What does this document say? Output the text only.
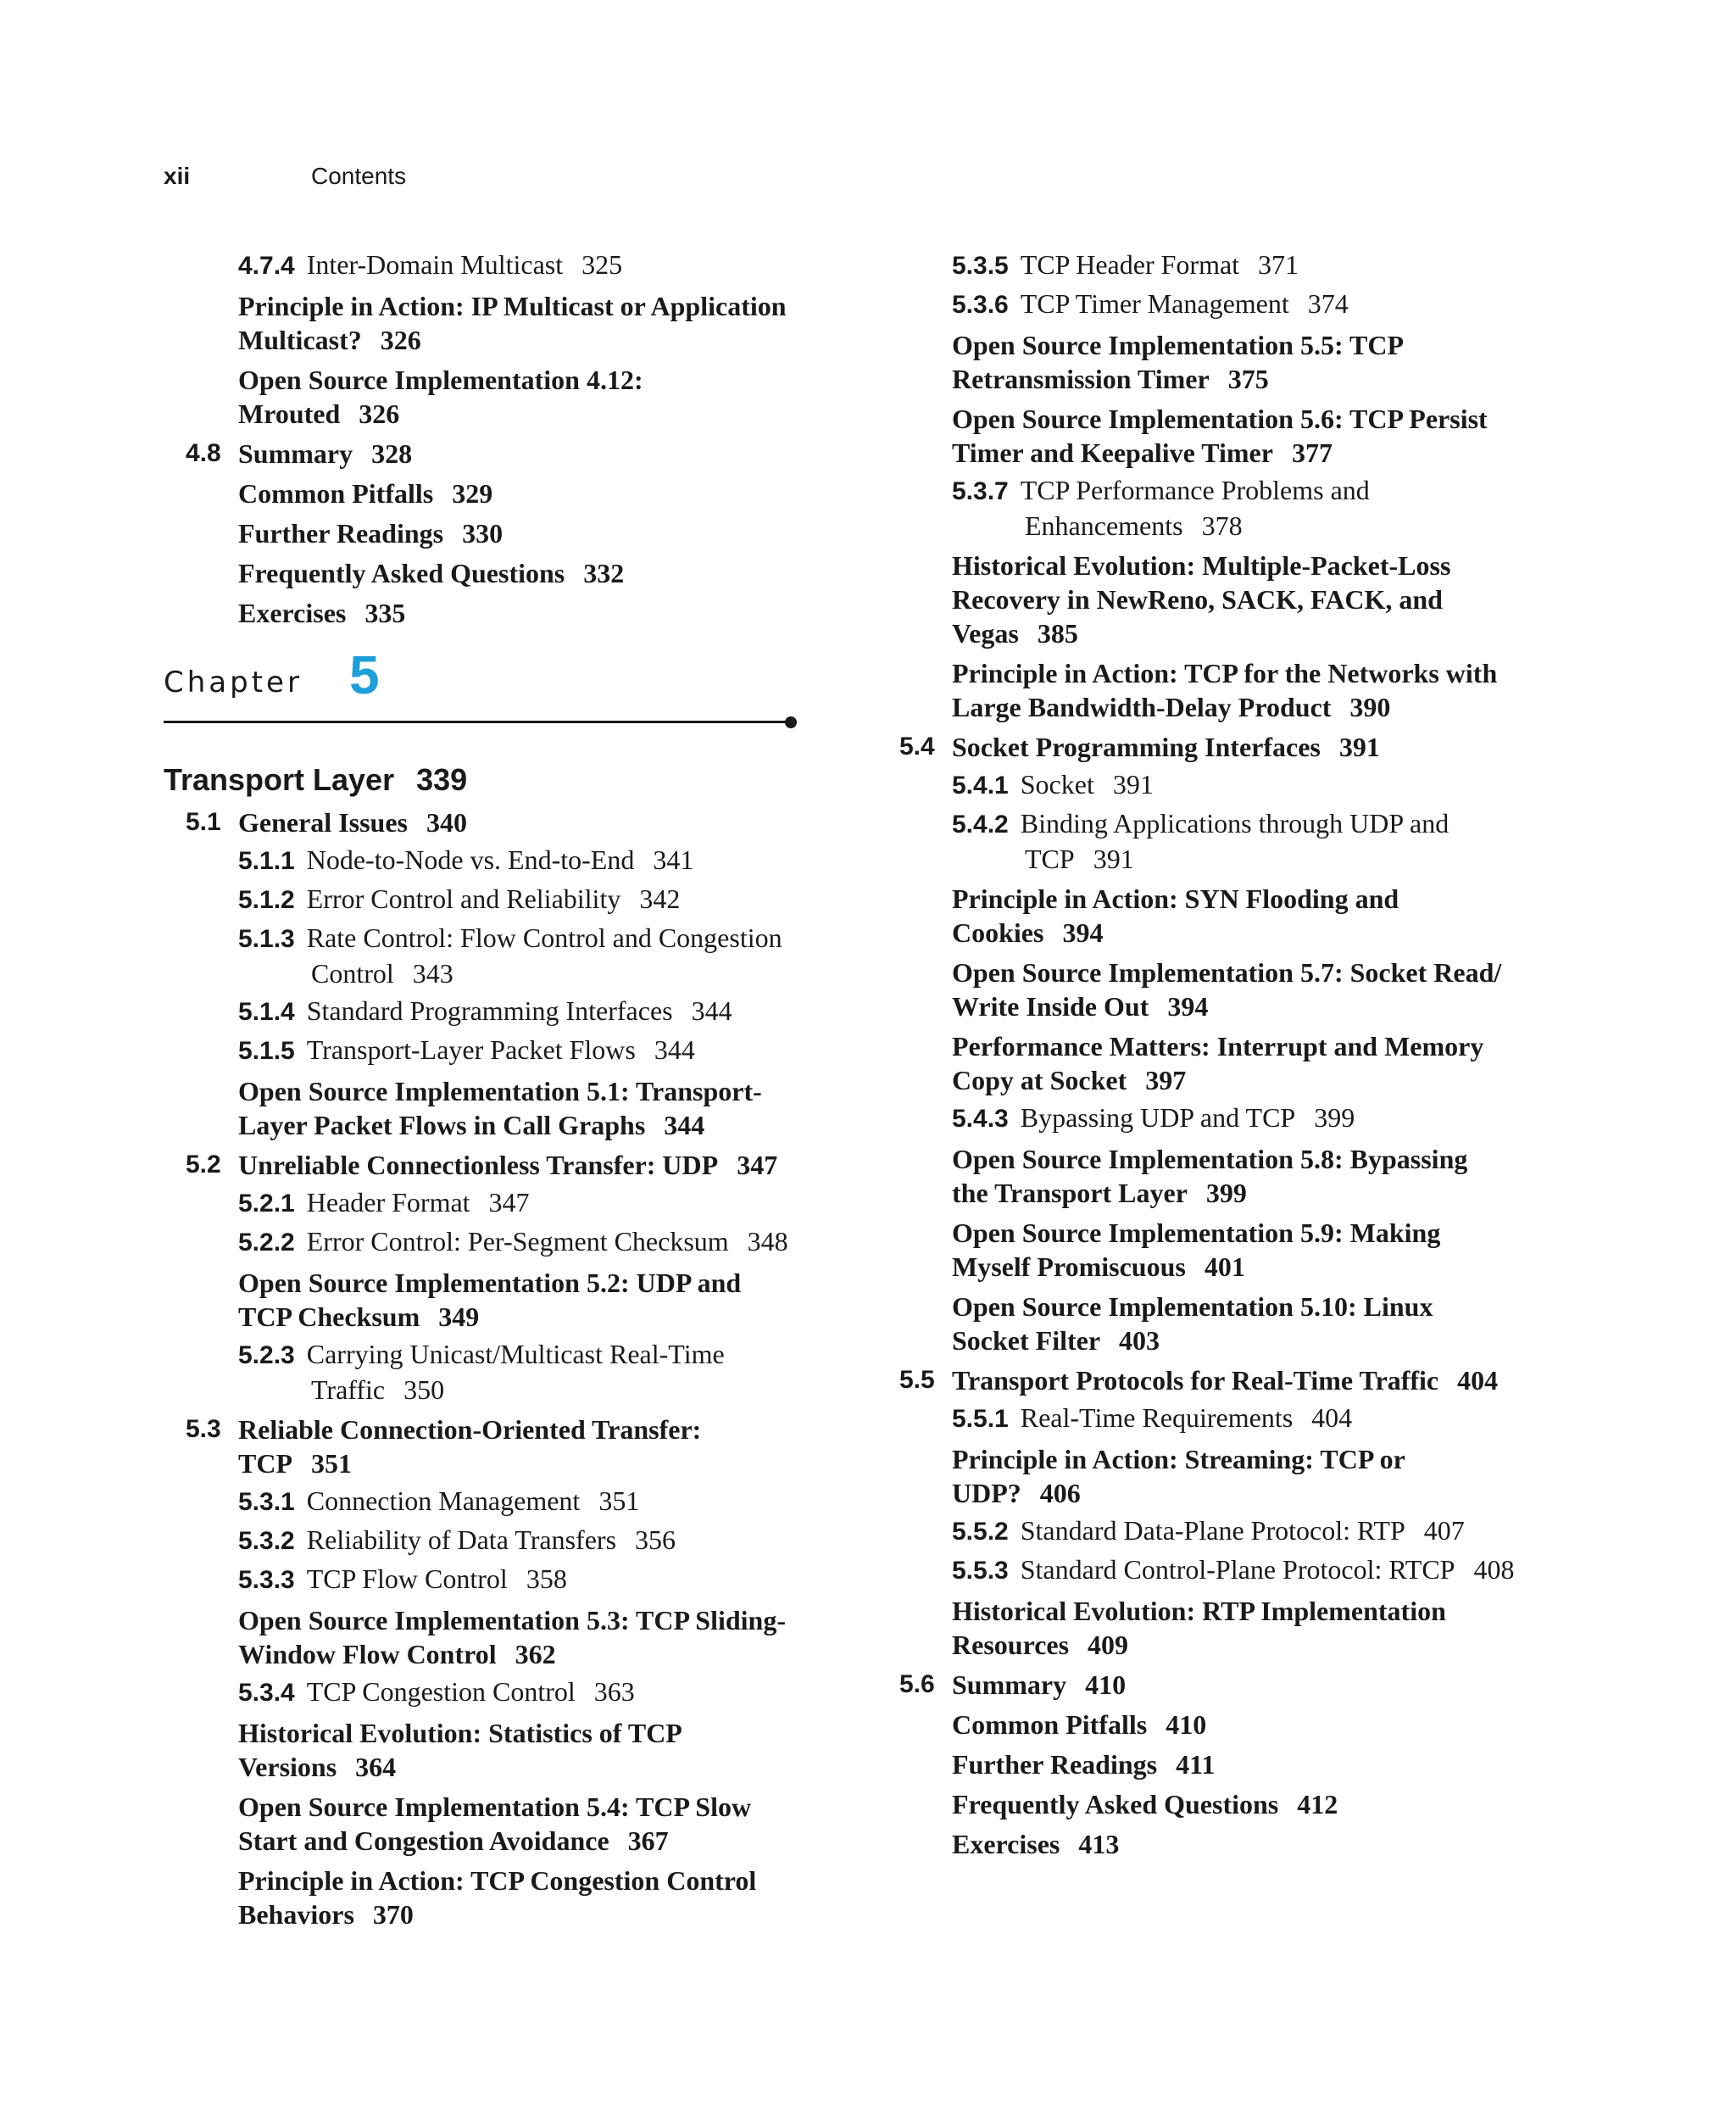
xii	Contents
4.7.4 Inter-Domain Multicast 325
Principle in Action: IP Multicast or Application
Multicast? 326
Open Source Implementation 4.12:
Mrouted 326
4.8 Summary 328
Common Pitfalls 329
Further Readings 330
Frequently Asked Questions 332
Exercises 335
Chapter 5
Transport Layer 339
5.1 General Issues 340
5.1.1 Node-to-Node vs. End-to-End 341
5.1.2 Error Control and Reliability 342
5.1.3 Rate Control: Flow Control and Congestion Control 343
5.1.4 Standard Programming Interfaces 344
5.1.5 Transport-Layer Packet Flows 344
Open Source Implementation 5.1: Transport-
Layer Packet Flows in Call Graphs 344
5.2 Unreliable Connectionless Transfer: UDP 347
5.2.1 Header Format 347
5.2.2 Error Control: Per-Segment Checksum 348
Open Source Implementation 5.2: UDP and
TCP Checksum 349
5.2.3 Carrying Unicast/Multicast Real-Time Traffic 350
5.3 Reliable Connection-Oriented Transfer: TCP 351
5.3.1 Connection Management 351
5.3.2 Reliability of Data Transfers 356
5.3.3 TCP Flow Control 358
Open Source Implementation 5.3: TCP Sliding-
Window Flow Control 362
5.3.4 TCP Congestion Control 363
Historical Evolution: Statistics of TCP
Versions 364
Open Source Implementation 5.4: TCP Slow
Start and Congestion Avoidance 367
Principle in Action: TCP Congestion Control
Behaviors 370
5.3.5 TCP Header Format 371
5.3.6 TCP Timer Management 374
Open Source Implementation 5.5: TCP
Retransmission Timer 375
Open Source Implementation 5.6: TCP Persist
Timer and Keepalive Timer 377
5.3.7 TCP Performance Problems and Enhancements 378
Historical Evolution: Multiple-Packet-Loss
Recovery in NewReno, SACK, FACK, and
Vegas 385
Principle in Action: TCP for the Networks with
Large Bandwidth-Delay Product 390
5.4 Socket Programming Interfaces 391
5.4.1 Socket 391
5.4.2 Binding Applications through UDP and TCP 391
Principle in Action: SYN Flooding and
Cookies 394
Open Source Implementation 5.7: Socket Read/
Write Inside Out 394
Performance Matters: Interrupt and Memory
Copy at Socket 397
5.4.3 Bypassing UDP and TCP 399
Open Source Implementation 5.8: Bypassing
the Transport Layer 399
Open Source Implementation 5.9: Making
Myself Promiscuous 401
Open Source Implementation 5.10: Linux
Socket Filter 403
5.5 Transport Protocols for Real-Time Traffic 404
5.5.1 Real-Time Requirements 404
Principle in Action: Streaming: TCP or
UDP? 406
5.5.2 Standard Data-Plane Protocol: RTP 407
5.5.3 Standard Control-Plane Protocol: RTCP 408
Historical Evolution: RTP Implementation
Resources 409
5.6 Summary 410
Common Pitfalls 410
Further Readings 411
Frequently Asked Questions 412
Exercises 413
